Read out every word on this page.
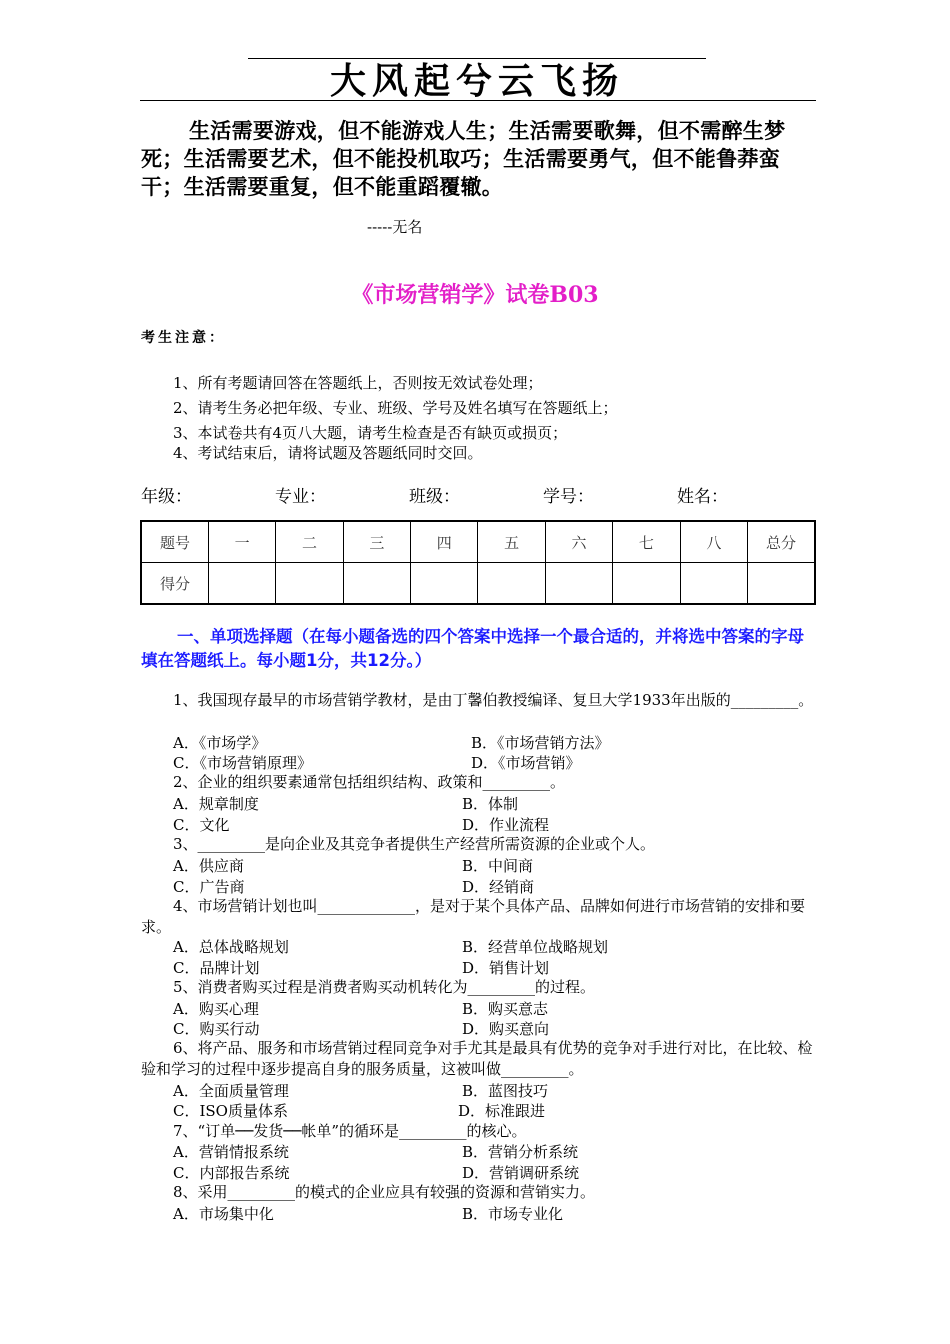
大风起兮云飞扬
生活需要游戏，但不能游戏人生；生活需要歌舞，但不需醉生梦死；生活需要艺术，但不能投机取巧；生活需要勇气，但不能鲁莽蛮干；生活需要重复，但不能重蹈覆辙。
-----无名
《市场营销学》试卷B03
考生注意：
1、所有考题请回答在答题纸上，否则按无效试卷处理；
2、请考生务必把年级、专业、班级、学号及姓名填写在答题纸上；
3、本试卷共有4页八大题，请考生检查是否有缺页或损页；
4、考试结束后，请将试题及答题纸同时交回。
年级：	专业：	班级：	学号：	姓名：
题号	一	二	三	四	五	六	七	八	总分
得分									
一、单项选择题（在每小题备选的四个答案中选择一个最合适的，并将选中答案的字母填在答题纸上。每小题1分，共12分。）
1、我国现存最早的市场营销学教材，是由丁馨伯教授编译、复旦大学1933年出版的_________。
A．《市场学》	B．《市场营销方法》
C．《市场营销原理》	D．《市场营销》
2、企业的组织要素通常包括组织结构、政策和_________。
A．规章制度	B．体制
C．文化	D．作业流程
3、_________是向企业及其竞争者提供生产经营所需资源的企业或个人。
A．供应商	B．中间商
C．广告商	D．经销商
4、市场营销计划也叫_____________，是对于某个具体产品、品牌如何进行市场营销的安排和要求。
A．总体战略规划	B．经营单位战略规划
C．品牌计划	D．销售计划
5、消费者购买过程是消费者购买动机转化为_________的过程。
A．购买心理	B．购买意志
C．购买行动	D．购买意向
6、将产品、服务和市场营销过程同竞争对手尤其是最具有优势的竞争对手进行对比，在比较、检验和学习的过程中逐步提高自身的服务质量，这被叫做_________。
A．全面质量管理	B．蓝图技巧
C．ISO质量体系	D．标准跟进
7、“订单──发货──帐单”的循环是_________的核心。
A．营销情报系统	B．营销分析系统
C．内部报告系统	D．营销调研系统
8、采用_________的模式的企业应具有较强的资源和营销实力。
A．市场集中化	B．市场专业化
